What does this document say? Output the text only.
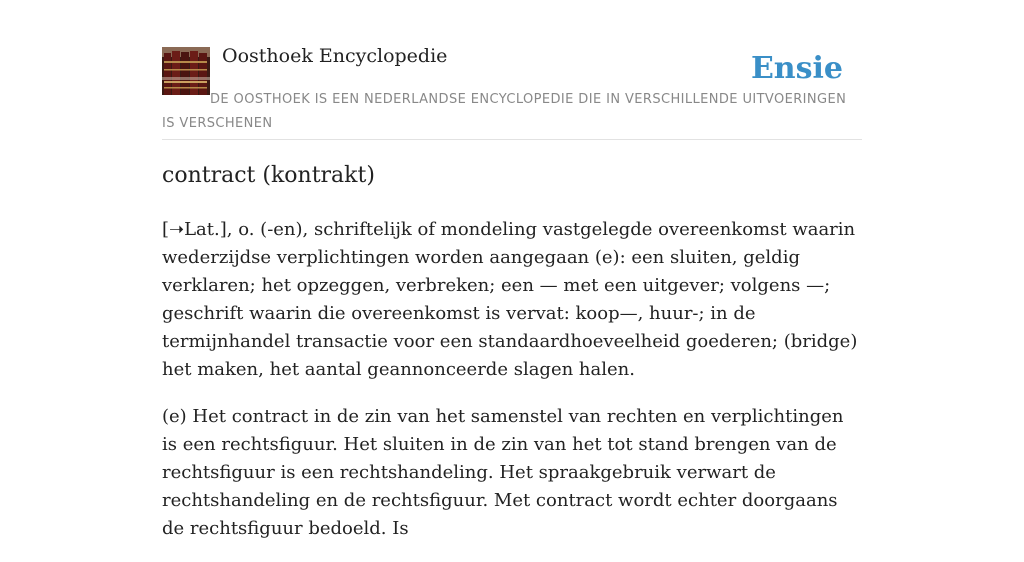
Oosthoek Encyclopedie	Ensie
DE OOSTHOEK IS EEN NEDERLANDSE ENCYCLOPEDIE DIE IN VERSCHILLENDE UITVOERINGEN IS VERSCHENEN
contract (kontrakt)

[➝Lat.], o. (-en), schriftelijk of mondeling vastgelegde overeenkomst waarin wederzijdse verplichtingen worden aangegaan (e): een sluiten, geldig verklaren; het opzeggen, verbreken; een — met een uitgever; volgens —; geschrift waarin die overeenkomst is vervat: koop—, huur-; in de termijnhandel transactie voor een standaardhoeveelheid goederen; (bridge) het maken, het aantal geannonceerde slagen halen.

(e) Het contract in de zin van het samenstel van rechten en verplichtingen is een rechtsfiguur. Het sluiten in de zin van het tot stand brengen van de rechtsfiguur is een rechtshandeling. Het spraakgebruik verwart de rechtshandeling en de rechtsfiguur. Met contract wordt echter doorgaans de rechtsfiguur bedoeld. Is
